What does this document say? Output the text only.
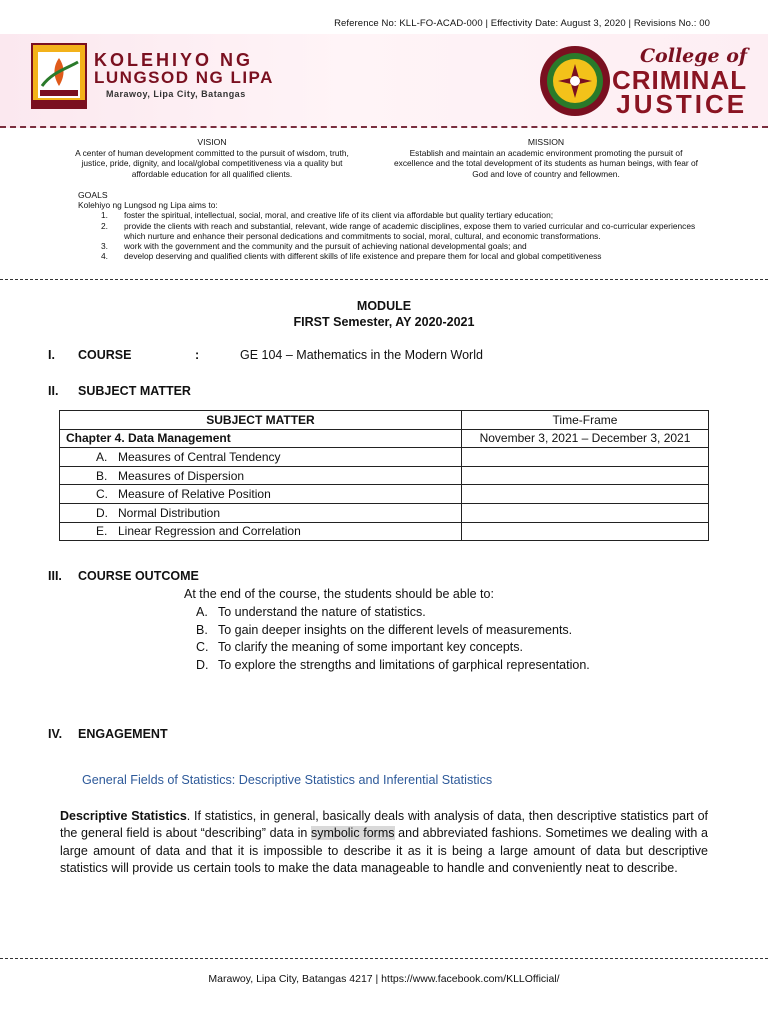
Reference No: KLL-FO-ACAD-000 | Effectivity Date: August 3, 2020 | Revisions No.: 00
KOLEHIYO NG
LUNGSOD NG LIPA
Marawoy, Lipa City, Batangas
College of
CRIMINAL
JUSTICE
VISION
A center of human development committed to the pursuit of wisdom, truth, justice, pride, dignity, and local/global competitiveness via a quality but affordable education for all qualified clients.
MISSION
Establish and maintain an academic environment promoting the pursuit of excellence and the total development of its students as human beings, with fear of God and love of country and fellowmen.
GOALS
Kolehiyo ng Lungsod ng Lipa aims to:
1.	foster the spiritual, intellectual, social, moral, and creative life of its client via affordable but quality tertiary education;
2.	provide the clients with reach and substantial, relevant, wide range of academic disciplines, expose them to varied curricular and co-curricular experiences which nurture and enhance their personal dedications and commitments to social, moral, cultural, and economic transformations.
3.	work with the government and the community and the pursuit of achieving national developmental goals; and
4.	develop deserving and qualified clients with different skills of life existence and prepare them for local and global competitiveness
MODULE
FIRST Semester, AY 2020-2021
I. COURSE	:	GE 104 – Mathematics in the Modern World
II. SUBJECT MATTER
SUBJECT MATTER	Time-Frame
Chapter 4. Data Management	November 3, 2021 – December 3, 2021
A. Measures of Central Tendency	
B. Measures of Dispersion	
C. Measure of Relative Position	
D. Normal Distribution	
E. Linear Regression and Correlation	
III. COURSE OUTCOME
At the end of the course, the students should be able to:
A. To understand the nature of statistics.
B. To gain deeper insights on the different levels of measurements.
C. To clarify the meaning of some important key concepts.
D. To explore the strengths and limitations of garphical representation.
IV. ENGAGEMENT
General Fields of Statistics: Descriptive Statistics and Inferential Statistics

Descriptive Statistics. If statistics, in general, basically deals with analysis of data, then descriptive statistics part of the general field is about “describing” data in symbolic forms and abbreviated fashions. Sometimes we dealing with a large amount of data and that it is impossible to describe it as it is being a large amount of data but descriptive statistics will provide us certain tools to make the data manageable to handle and conveniently neat to describe.

Marawoy, Lipa City, Batangas 4217 | https://www.facebook.com/KLLOfficial/
